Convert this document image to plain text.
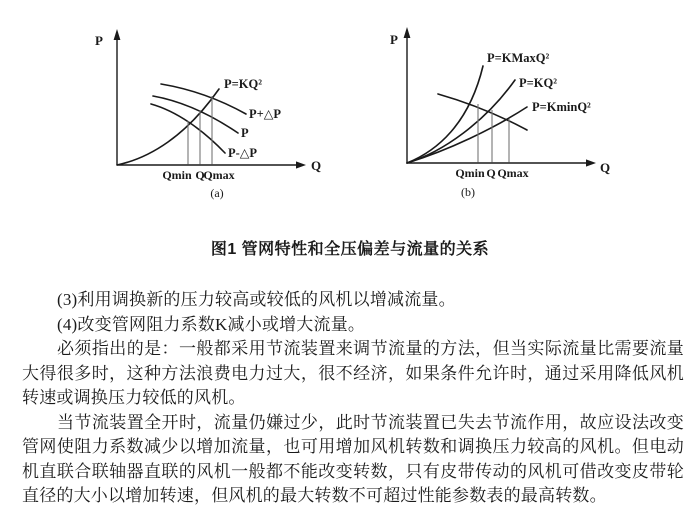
P
Q
P=KQ²
P+△P
P
P-△P
Qmin Q
Qmax
(a)
P
Q
P=KMaxQ²
P=KQ²
P=KminQ²
Qmin Q Qmax
(b)
图1 管网特性和全压偏差与流量的关系

(3)利用调换新的压力较高或较低的风机以增减流量。

(4)改变管网阻力系数K减小或增大流量。

必须指出的是：一般都采用节流装置来调节流量的方法，但当实际流量比需要流量

大得很多时，这种方法浪费电力过大，很不经济，如果条件允许时，通过采用降低风机

转速或调换压力较低的风机。

当节流装置全开时，流量仍嫌过少，此时节流装置已失去节流作用，故应设法改变

管网使阻力系数减少以增加流量，也可用增加风机转数和调换压力较高的风机。但电动

机直联合联轴器直联的风机一般都不能改变转数，只有皮带传动的风机可借改变皮带轮

直径的大小以增加转速，但风机的最大转数不可超过性能参数表的最高转数。
